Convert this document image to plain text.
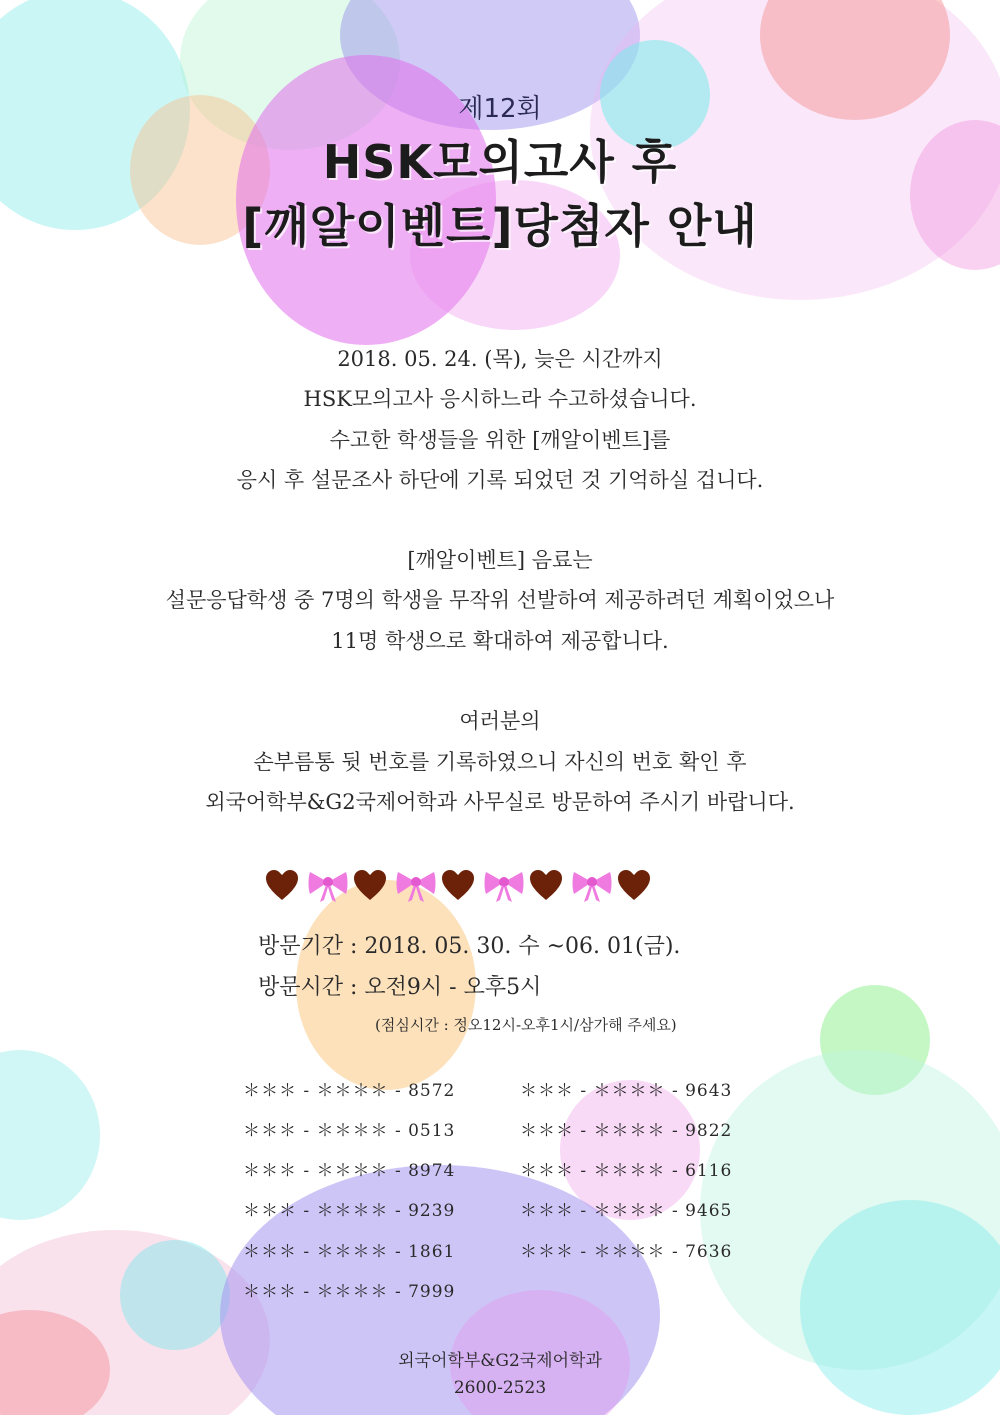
제12회
HSK모의고사 후
[깨알이벤트]당첨자 안내
2018. 05. 24. (목), 늦은 시간까지
HSK모의고사 응시하느라 수고하셨습니다.
수고한 학생들을 위한 [깨알이벤트]를
응시 후 설문조사 하단에 기록 되었던 것 기억하실 겁니다.
[깨알이벤트] 음료는
설문응답학생 중 7명의 학생을 무작위 선발하여 제공하려던 계획이었으나
11명 학생으로 확대하여 제공합니다.
여러분의
손부름통 뒷 번호를 기록하였으니 자신의 번호 확인 후
외국어학부&G2국제어학과 사무실로 방문하여 주시기 바랍니다.
방문기간 : 2018. 05. 30. 수 ~06. 01(금).
방문시간 : 오전9시 - 오후5시
(점심시간 : 정오12시-오후1시/삼가해 주세요)
＊＊＊ - ＊＊＊＊ - 8572
＊＊＊ - ＊＊＊＊ - 0513
＊＊＊ - ＊＊＊＊ - 8974
＊＊＊ - ＊＊＊＊ - 9239
＊＊＊ - ＊＊＊＊ - 1861
＊＊＊ - ＊＊＊＊ - 7999
＊＊＊ - ＊＊＊＊ - 9643
＊＊＊ - ＊＊＊＊ - 9822
＊＊＊ - ＊＊＊＊ - 6116
＊＊＊ - ＊＊＊＊ - 9465
＊＊＊ - ＊＊＊＊ - 7636
외국어학부&G2국제어학과
2600-2523
